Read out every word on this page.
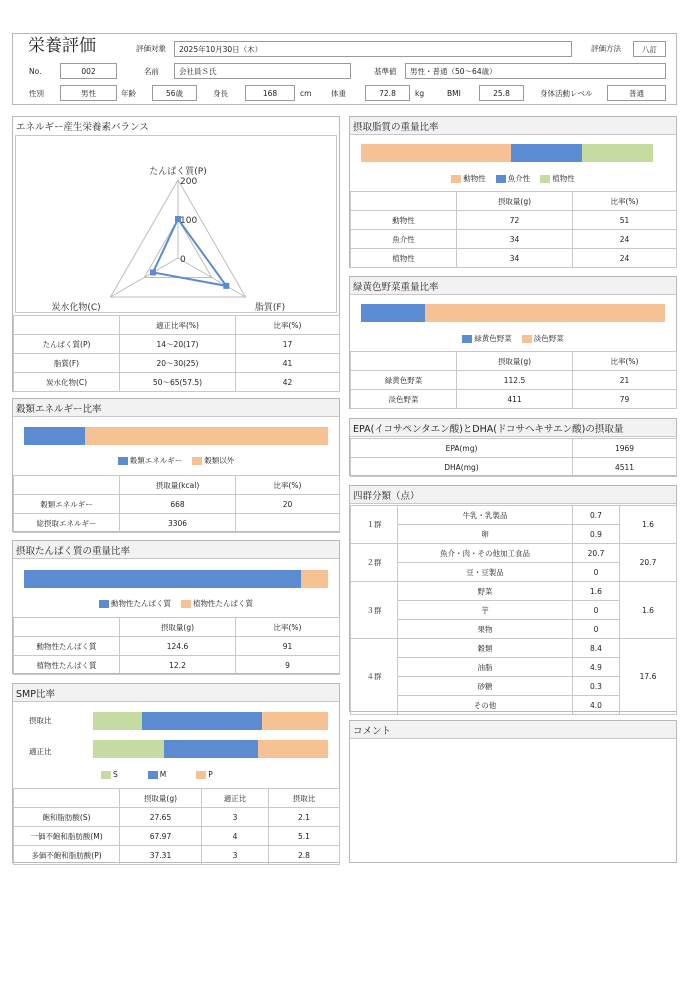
栄養評価	評価対象	2025年10月30日（木）	評価方法	八訂
No.	002	名前	会社員Ｓ氏	基準値	男性・普通（50～64歳）
性別	男性	年齢	56歳	身長	168	cm	体重	72.8	kg	BMI	25.8	身体活動レベル	普通
エネルギー産生栄養素バランス
200
100
0
たんぱく質(P)
脂質(F)
炭水化物(C)
	適正比率(%)	比率(%)
たんぱく質(P)	14～20(17)	17
脂質(F)	20～30(25)	41
炭水化物(C)	50～65(57.5)	42
穀類エネルギー比率
穀類エネルギー	穀類以外
	摂取量(kcal)	比率(%)
穀類エネルギー	668	20
総摂取エネルギー	3306	
摂取たんぱく質の重量比率
動物性たんぱく質	植物性たんぱく質
	摂取量(g)	比率(%)
動物性たんぱく質	124.6	91
植物性たんぱく質	12.2	9
SMP比率
摂取比
適正比
S	M	P
	摂取量(g)	適正比	摂取比
飽和脂肪酸(S)	27.65	3	2.1
一価不飽和脂肪酸(M)	67.97	4	5.1
多価不飽和脂肪酸(P)	37.31	3	2.8
摂取脂質の重量比率
動物性	魚介性	植物性
	摂取量(g)	比率(%)
動物性	72	51
魚介性	34	24
植物性	34	24
緑黄色野菜重量比率
緑黄色野菜	淡色野菜
	摂取量(g)	比率(%)
緑黄色野菜	112.5	21
淡色野菜	411	79
EPA(イコサペンタエン酸)とDHA(ドコサヘキサエン酸)の摂取量
EPA(mg)	1969
DHA(mg)	4511
四群分類（点）
１群	牛乳・乳製品	0.7	1.6
	卵	0.9	
２群	魚介・肉・その他加工食品	20.7	20.7
	豆・豆製品	0	
３群	野菜	1.6	1.6
	芋	0	
	果物	0	
４群	穀類	8.4	17.6
	油脂	4.9	
	砂糖	0.3	
	その他	4.0	
コメント
